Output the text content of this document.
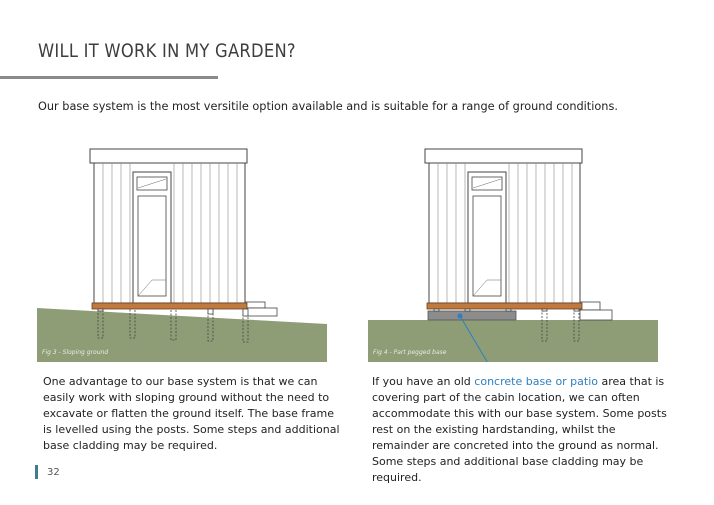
WILL IT WORK IN MY GARDEN?

Our base system is the most versitile option available and is suitable for a range of ground conditions.

Fig 3 - Sloping ground	Fig 4 - Part pegged base

One advantage to our base system is that we can easily work with sloping ground without the need to excavate or flatten the ground itself. The base frame is levelled using the posts. Some steps and additional base cladding may be required.

If you have an old concrete base or patio area that is covering part of the cabin location, we can often accommodate this with our base system. Some posts rest on the existing hardstanding, whilst the remainder are concreted into the ground as normal. Some steps and additional base cladding may be required.

32
